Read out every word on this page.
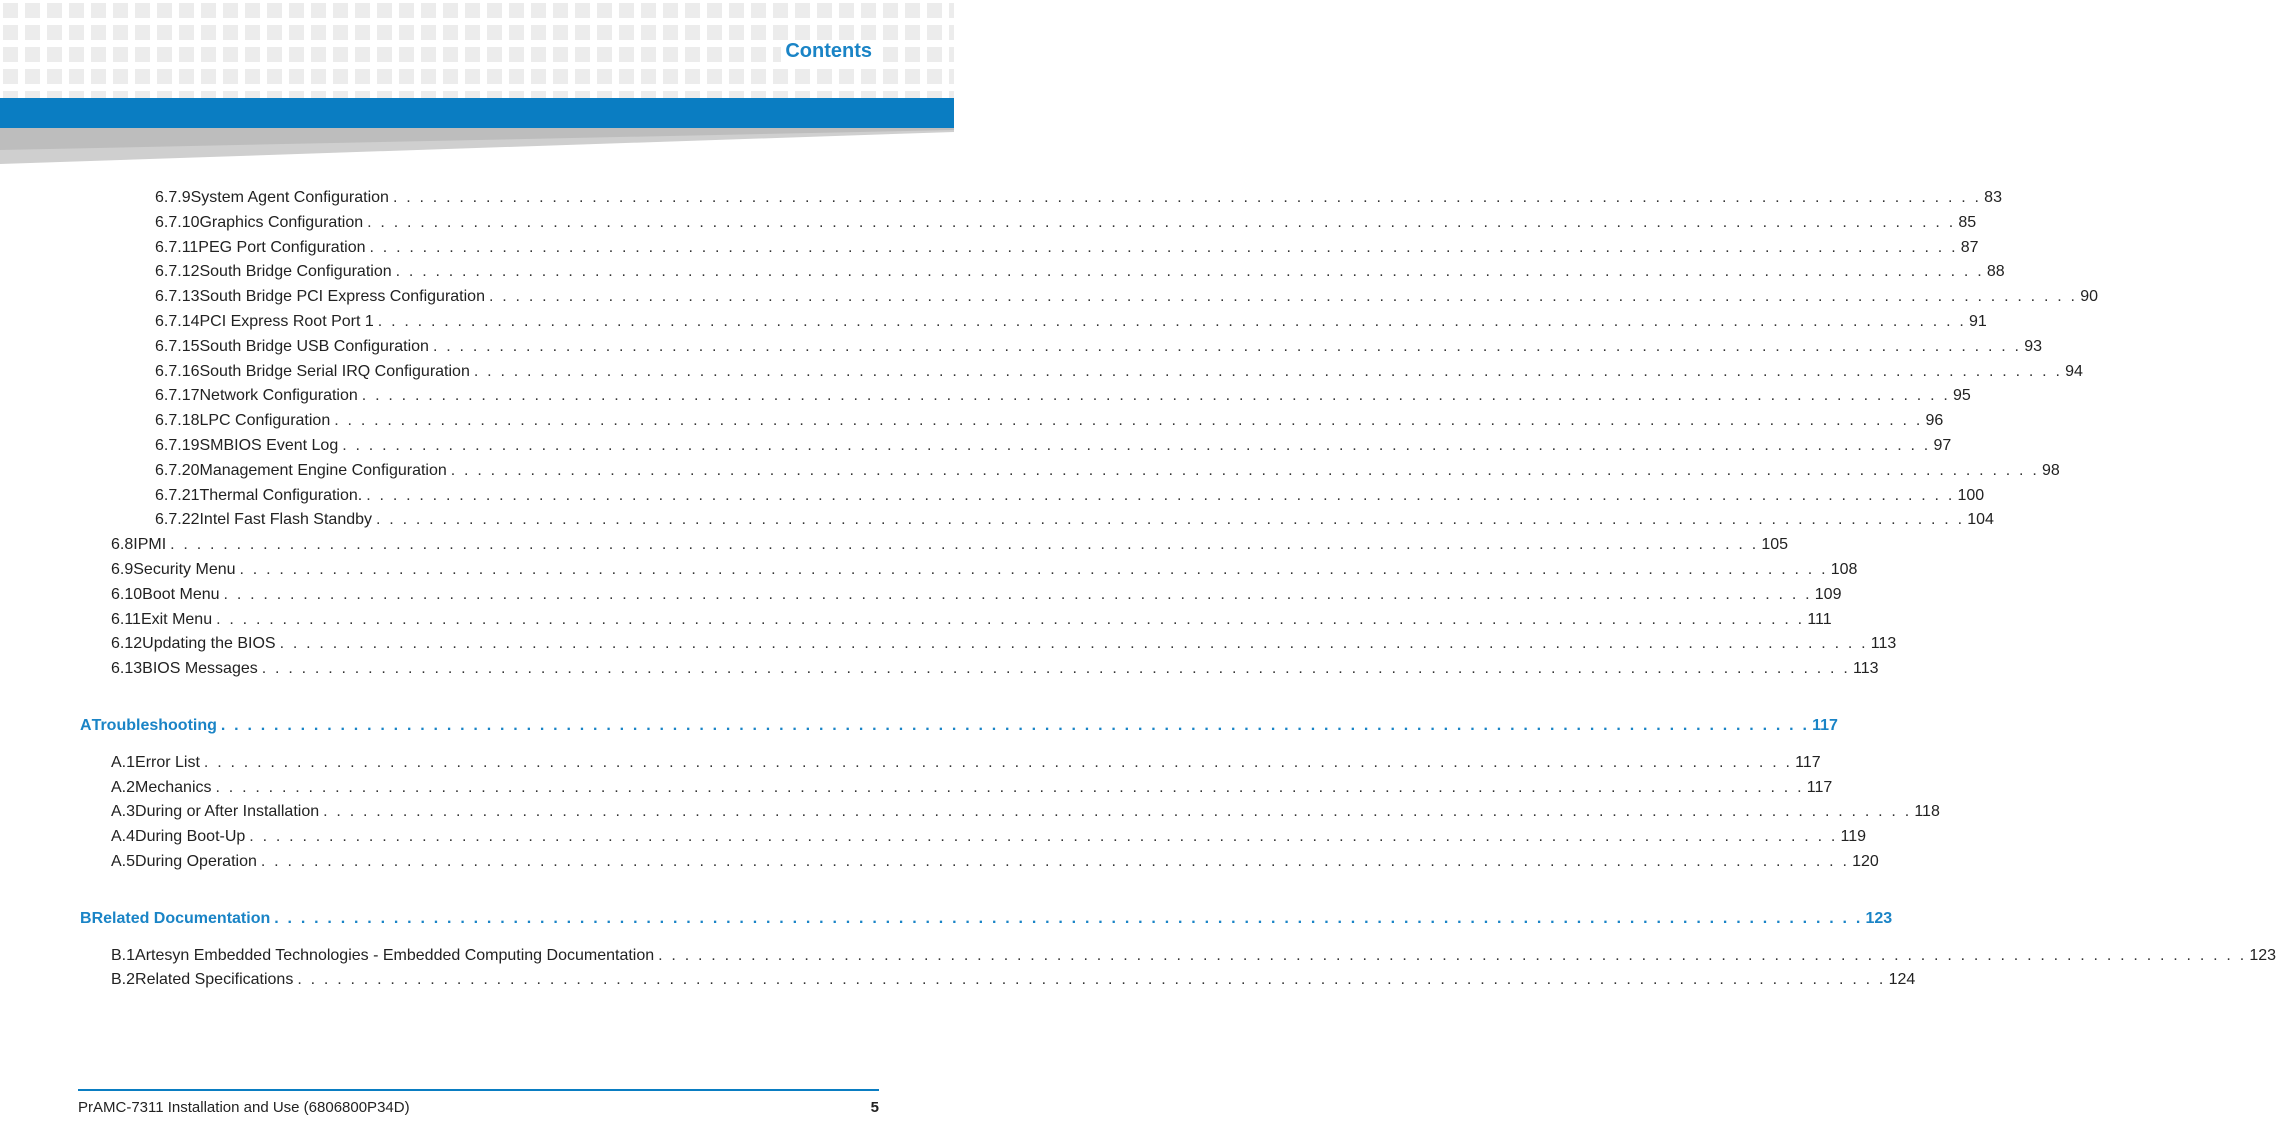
Contents
6.7.9 System Agent Configuration . . . . . . . . . . . . . . . . . . . . . . . . . . . . . . . . . . . . . . . . . . . . . . . . . . . . . . . . . . . . . . . . . . . . . . . . . . . . . . . . . . . . . . . . . . . . . . . . . . . . . . . . . . . . . . . . . . . . . . . . 83
6.7.10 Graphics Configuration . . . . . . . . . . . . . . . . . . . . . . . . . . . . . . . . . . . . . . . . . . . . . . . . . . . . . . . . . . . . . . . . . . . . . . . . . . . . . . . . . . . . . . . . . . . . . . . . . . . . . . . . . . . . . . . . . . . . . . . . 85
6.7.11 PEG Port Configuration . . . . . . . . . . . . . . . . . . . . . . . . . . . . . . . . . . . . . . . . . . . . . . . . . . . . . . . . . . . . . . . . . . . . . . . . . . . . . . . . . . . . . . . . . . . . . . . . . . . . . . . . . . . . . . . . . . . . . . . . 87
6.7.12 South Bridge Configuration . . . . . . . . . . . . . . . . . . . . . . . . . . . . . . . . . . . . . . . . . . . . . . . . . . . . . . . . . . . . . . . . . . . . . . . . . . . . . . . . . . . . . . . . . . . . . . . . . . . . . . . . . . . . . . . . . . . . . . . . 88
6.7.13 South Bridge PCI Express Configuration . . . . . . . . . . . . . . . . . . . . . . . . . . . . . . . . . . . . . . . . . . . . . . . . . . . . . . . . . . . . . . . . . . . . . . . . . . . . . . . . . . . . . . . . . . . . . . . . . . . . . . . . . . . . . . . . . . . . . . . . 90
6.7.14 PCI Express Root Port 1 . . . . . . . . . . . . . . . . . . . . . . . . . . . . . . . . . . . . . . . . . . . . . . . . . . . . . . . . . . . . . . . . . . . . . . . . . . . . . . . . . . . . . . . . . . . . . . . . . . . . . . . . . . . . . . . . . . . . . . . . 91
6.7.15 South Bridge USB Configuration . . . . . . . . . . . . . . . . . . . . . . . . . . . . . . . . . . . . . . . . . . . . . . . . . . . . . . . . . . . . . . . . . . . . . . . . . . . . . . . . . . . . . . . . . . . . . . . . . . . . . . . . . . . . . . . . . . . . . . . . 93
6.7.16 South Bridge Serial IRQ Configuration . . . . . . . . . . . . . . . . . . . . . . . . . . . . . . . . . . . . . . . . . . . . . . . . . . . . . . . . . . . . . . . . . . . . . . . . . . . . . . . . . . . . . . . . . . . . . . . . . . . . . . . . . . . . . . . . . . . . . . . . 94
6.7.17 Network Configuration . . . . . . . . . . . . . . . . . . . . . . . . . . . . . . . . . . . . . . . . . . . . . . . . . . . . . . . . . . . . . . . . . . . . . . . . . . . . . . . . . . . . . . . . . . . . . . . . . . . . . . . . . . . . . . . . . . . . . . . . 95
6.7.18 LPC Configuration . . . . . . . . . . . . . . . . . . . . . . . . . . . . . . . . . . . . . . . . . . . . . . . . . . . . . . . . . . . . . . . . . . . . . . . . . . . . . . . . . . . . . . . . . . . . . . . . . . . . . . . . . . . . . . . . . . . . . . . . 96
6.7.19 SMBIOS Event Log . . . . . . . . . . . . . . . . . . . . . . . . . . . . . . . . . . . . . . . . . . . . . . . . . . . . . . . . . . . . . . . . . . . . . . . . . . . . . . . . . . . . . . . . . . . . . . . . . . . . . . . . . . . . . . . . . . . . . . . . 97
6.7.20 Management Engine Configuration . . . . . . . . . . . . . . . . . . . . . . . . . . . . . . . . . . . . . . . . . . . . . . . . . . . . . . . . . . . . . . . . . . . . . . . . . . . . . . . . . . . . . . . . . . . . . . . . . . . . . . . . . . . . . . . . . . . . . . . . 98
6.7.21 Thermal Configuration. . . . . . . . . . . . . . . . . . . . . . . . . . . . . . . . . . . . . . . . . . . . . . . . . . . . . . . . . . . . . . . . . . . . . . . . . . . . . . . . . . . . . . . . . . . . . . . . . . . . . . . . . . . . . . . . . . . . . . . . . 100
6.7.22 Intel Fast Flash Standby . . . . . . . . . . . . . . . . . . . . . . . . . . . . . . . . . . . . . . . . . . . . . . . . . . . . . . . . . . . . . . . . . . . . . . . . . . . . . . . . . . . . . . . . . . . . . . . . . . . . . . . . . . . . . . . . . . . . . . . . 104
6.8 IPMI . . . . . . . . . . . . . . . . . . . . . . . . . . . . . . . . . . . . . . . . . . . . . . . . . . . . . . . . . . . . . . . . . . . . . . . . . . . . . . . . . . . . . . . . . . . . . . . . . . . . . . . . . . . . . . . . . . . . . . . . 105
6.9 Security Menu . . . . . . . . . . . . . . . . . . . . . . . . . . . . . . . . . . . . . . . . . . . . . . . . . . . . . . . . . . . . . . . . . . . . . . . . . . . . . . . . . . . . . . . . . . . . . . . . . . . . . . . . . . . . . . . . . . . . . . . . 108
6.10 Boot Menu . . . . . . . . . . . . . . . . . . . . . . . . . . . . . . . . . . . . . . . . . . . . . . . . . . . . . . . . . . . . . . . . . . . . . . . . . . . . . . . . . . . . . . . . . . . . . . . . . . . . . . . . . . . . . . . . . . . . . . . . 109
6.11 Exit Menu . . . . . . . . . . . . . . . . . . . . . . . . . . . . . . . . . . . . . . . . . . . . . . . . . . . . . . . . . . . . . . . . . . . . . . . . . . . . . . . . . . . . . . . . . . . . . . . . . . . . . . . . . . . . . . . . . . . . . . . . 111
6.12 Updating the BIOS . . . . . . . . . . . . . . . . . . . . . . . . . . . . . . . . . . . . . . . . . . . . . . . . . . . . . . . . . . . . . . . . . . . . . . . . . . . . . . . . . . . . . . . . . . . . . . . . . . . . . . . . . . . . . . . . . . . . . . . . 113
6.13 BIOS Messages . . . . . . . . . . . . . . . . . . . . . . . . . . . . . . . . . . . . . . . . . . . . . . . . . . . . . . . . . . . . . . . . . . . . . . . . . . . . . . . . . . . . . . . . . . . . . . . . . . . . . . . . . . . . . . . . . . . . . . . . 113
A Troubleshooting . . . . . . . . . . . . . . . . . . . . . . . . . . . . . . . . . . . . . . . . . . . . . . . . . . . . . . . . . . . . . . . . . . . . . . . . . . . . . . . . . . . . . . . . . . . . . . . . . . . . . . . . . . . . . . . . . . . . . . . . 117
A.1 Error List . . . . . . . . . . . . . . . . . . . . . . . . . . . . . . . . . . . . . . . . . . . . . . . . . . . . . . . . . . . . . . . . . . . . . . . . . . . . . . . . . . . . . . . . . . . . . . . . . . . . . . . . . . . . . . . . . . . . . . . . 117
A.2 Mechanics . . . . . . . . . . . . . . . . . . . . . . . . . . . . . . . . . . . . . . . . . . . . . . . . . . . . . . . . . . . . . . . . . . . . . . . . . . . . . . . . . . . . . . . . . . . . . . . . . . . . . . . . . . . . . . . . . . . . . . . . 117
A.3 During or After Installation . . . . . . . . . . . . . . . . . . . . . . . . . . . . . . . . . . . . . . . . . . . . . . . . . . . . . . . . . . . . . . . . . . . . . . . . . . . . . . . . . . . . . . . . . . . . . . . . . . . . . . . . . . . . . . . . . . . . . . . . 118
A.4 During Boot-Up . . . . . . . . . . . . . . . . . . . . . . . . . . . . . . . . . . . . . . . . . . . . . . . . . . . . . . . . . . . . . . . . . . . . . . . . . . . . . . . . . . . . . . . . . . . . . . . . . . . . . . . . . . . . . . . . . . . . . . . . 119
A.5 During Operation . . . . . . . . . . . . . . . . . . . . . . . . . . . . . . . . . . . . . . . . . . . . . . . . . . . . . . . . . . . . . . . . . . . . . . . . . . . . . . . . . . . . . . . . . . . . . . . . . . . . . . . . . . . . . . . . . . . . . . . . 120
B Related Documentation . . . . . . . . . . . . . . . . . . . . . . . . . . . . . . . . . . . . . . . . . . . . . . . . . . . . . . . . . . . . . . . . . . . . . . . . . . . . . . . . . . . . . . . . . . . . . . . . . . . . . . . . . . . . . . . . . . . . . . . . 123
B.1 Artesyn Embedded Technologies - Embedded Computing Documentation . . . . . . . . . . . . . . . . . . . . . . . . . . . . . . . . . . . . . . . . . . . . . . . . . . . . . . . . . . . . . . . . . . . . . . . . . . . . . . . . . . . . . . . . . . . . . . . . . . . . . . . . . . . . . . . . . . . . . . . . 123
B.2 Related Specifications . . . . . . . . . . . . . . . . . . . . . . . . . . . . . . . . . . . . . . . . . . . . . . . . . . . . . . . . . . . . . . . . . . . . . . . . . . . . . . . . . . . . . . . . . . . . . . . . . . . . . . . . . . . . . . . . . . . . . . . . 124
PrAMC-7311 Installation and Use (6806800P34D)	5
